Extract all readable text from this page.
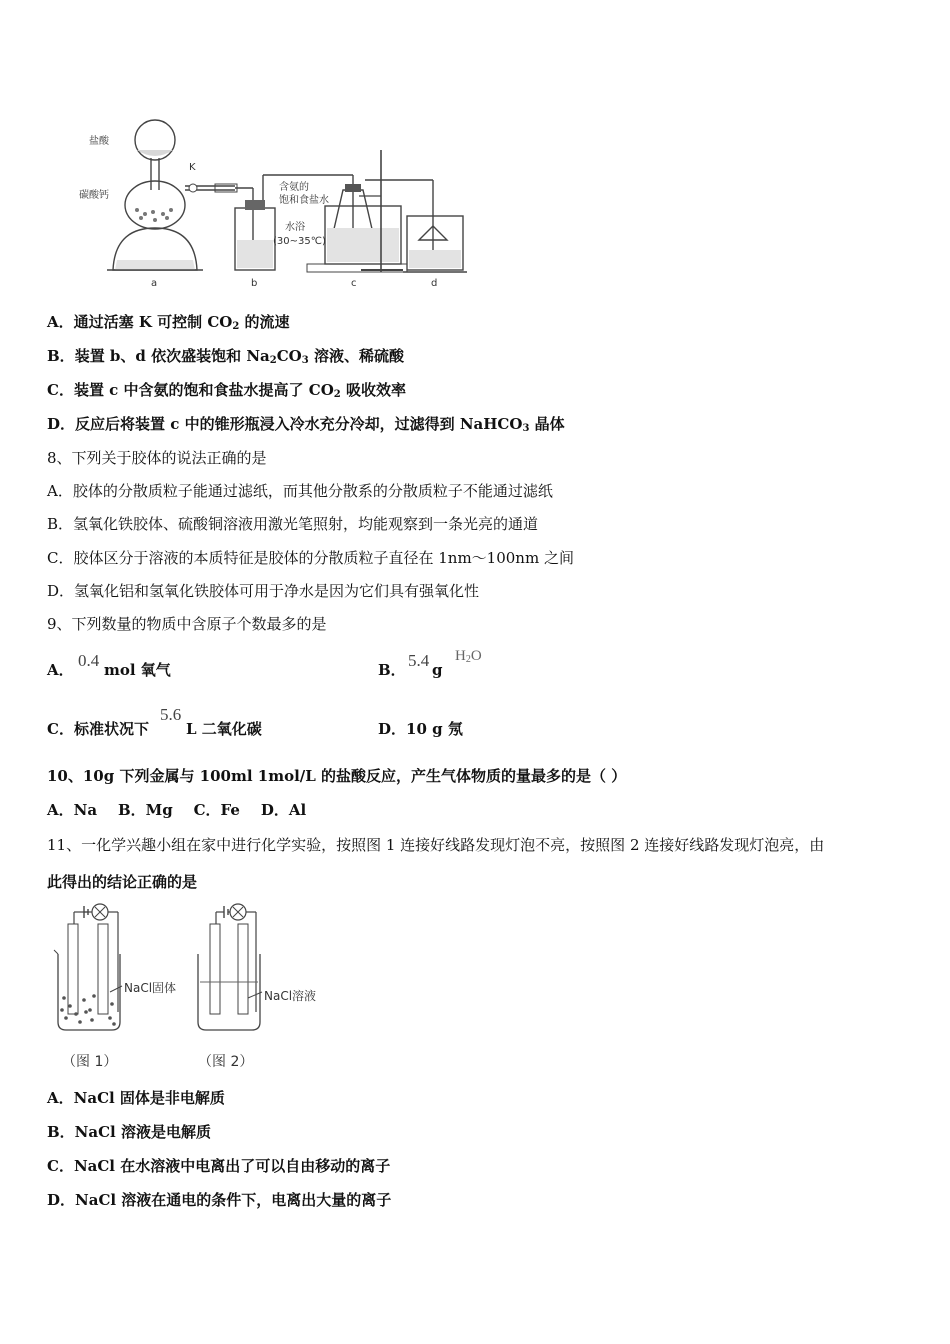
盐酸
碳酸钙
K
含氨的
饱和食盐水
水浴
(30~35℃)
a	b	c	d
A．通过活塞 K 可控制 $CO_2$ 的流速
B．装置 b、d 依次盛装饱和 $Na_2CO_3$ 溶液、稀硫酸
C．装置 c 中含氨的饱和食盐水提高了 $CO_2$ 吸收效率
D．反应后将装置 c 中的锥形瓶浸入冷水充分冷却，过滤得到 NaHCO$_3$ 晶体
8、下列关于胶体的说法正确的是
A．胶体的分散质粒子能通过滤纸，而其他分散系的分散质粒子不能通过滤纸
B．氢氧化铁胶体、硫酸铜溶液用激光笔照射，均能观察到一条光亮的通道
C．胶体区分于溶液的本质特征是胶体的分散质粒子直径在 1nm～100nm 之间
D．氢氧化铝和氢氧化铁胶体可用于净水是因为它们具有强氧化性
9、下列数量的物质中含原子个数最多的是
A． 0.4 mol 氧气	B． 5.4 g
$H_2O$
C．标准状况下
5.6
L 二氧化碳	D．10 g 氖
10、10g 下列金属与 100ml 1mol/L 的盐酸反应，产生气体物质的量最多的是（ ）
A．Na    B．Mg    C．Fe    D．Al
11、一化学兴趣小组在家中进行化学实验，按照图 1 连接好线路发现灯泡不亮，按照图 2 连接好线路发现灯泡亮，由
此得出的结论正确的是
NaCl固体
NaCl溶液
（图 1）	（图 2）
A．NaCl 固体是非电解质
B．NaCl 溶液是电解质
C．NaCl 在水溶液中电离出了可以自由移动的离子
D．NaCl 溶液在通电的条件下，电离出大量的离子
